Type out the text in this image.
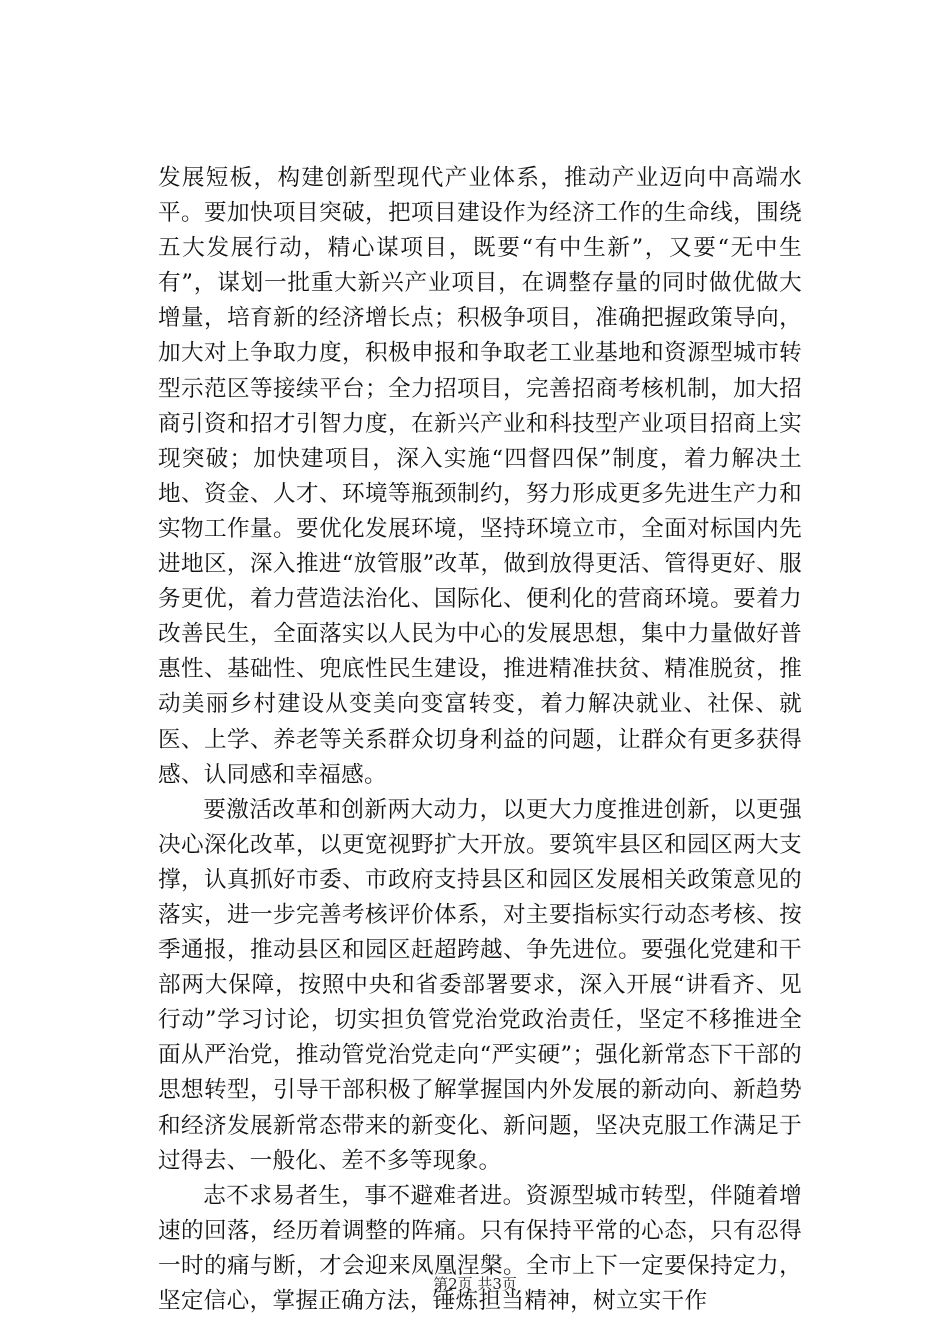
发展短板，构建创新型现代产业体系，推动产业迈向中高端水平。要加快项目突破，把项目建设作为经济工作的生命线，围绕五大发展行动，精心谋项目，既要“有中生新”，又要“无中生有”，谋划一批重大新兴产业项目，在调整存量的同时做优做大增量，培育新的经济增长点；积极争项目，准确把握政策导向，加大对上争取力度，积极申报和争取老工业基地和资源型城市转型示范区等接续平台；全力招项目，完善招商考核机制，加大招商引资和招才引智力度，在新兴产业和科技型产业项目招商上实现突破；加快建项目，深入实施“四督四保”制度，着力解决土地、资金、人才、环境等瓶颈制约，努力形成更多先进生产力和实物工作量。要优化发展环境，坚持环境立市，全面对标国内先进地区，深入推进“放管服”改革，做到放得更活、管得更好、服务更优，着力营造法治化、国际化、便利化的营商环境。要着力改善民生，全面落实以人民为中心的发展思想，集中力量做好普惠性、基础性、兜底性民生建设，推进精准扶贫、精准脱贫，推动美丽乡村建设从变美向变富转变，着力解决就业、社保、就医、上学、养老等关系群众切身利益的问题，让群众有更多获得感、认同感和幸福感。

要激活改革和创新两大动力，以更大力度推进创新，以更强决心深化改革，以更宽视野扩大开放。要筑牢县区和园区两大支撑，认真抓好市委、市政府支持县区和园区发展相关政策意见的落实，进一步完善考核评价体系，对主要指标实行动态考核、按季通报，推动县区和园区赶超跨越、争先进位。要强化党建和干部两大保障，按照中央和省委部署要求，深入开展“讲看齐、见行动”学习讨论，切实担负管党治党政治责任，坚定不移推进全面从严治党，推动管党治党走向“严实硬”；强化新常态下干部的思想转型，引导干部积极了解掌握国内外发展的新动向、新趋势和经济发展新常态带来的新变化、新问题，坚决克服工作满足于过得去、一般化、差不多等现象。

志不求易者生，事不避难者进。资源型城市转型，伴随着增速的回落，经历着调整的阵痛。只有保持平常的心态，只有忍得一时的痛与断，才会迎来凤凰涅槃。全市上下一定要保持定力，坚定信心，掌握正确方法，锤炼担当精神，树立实干作

第2页 共3页
